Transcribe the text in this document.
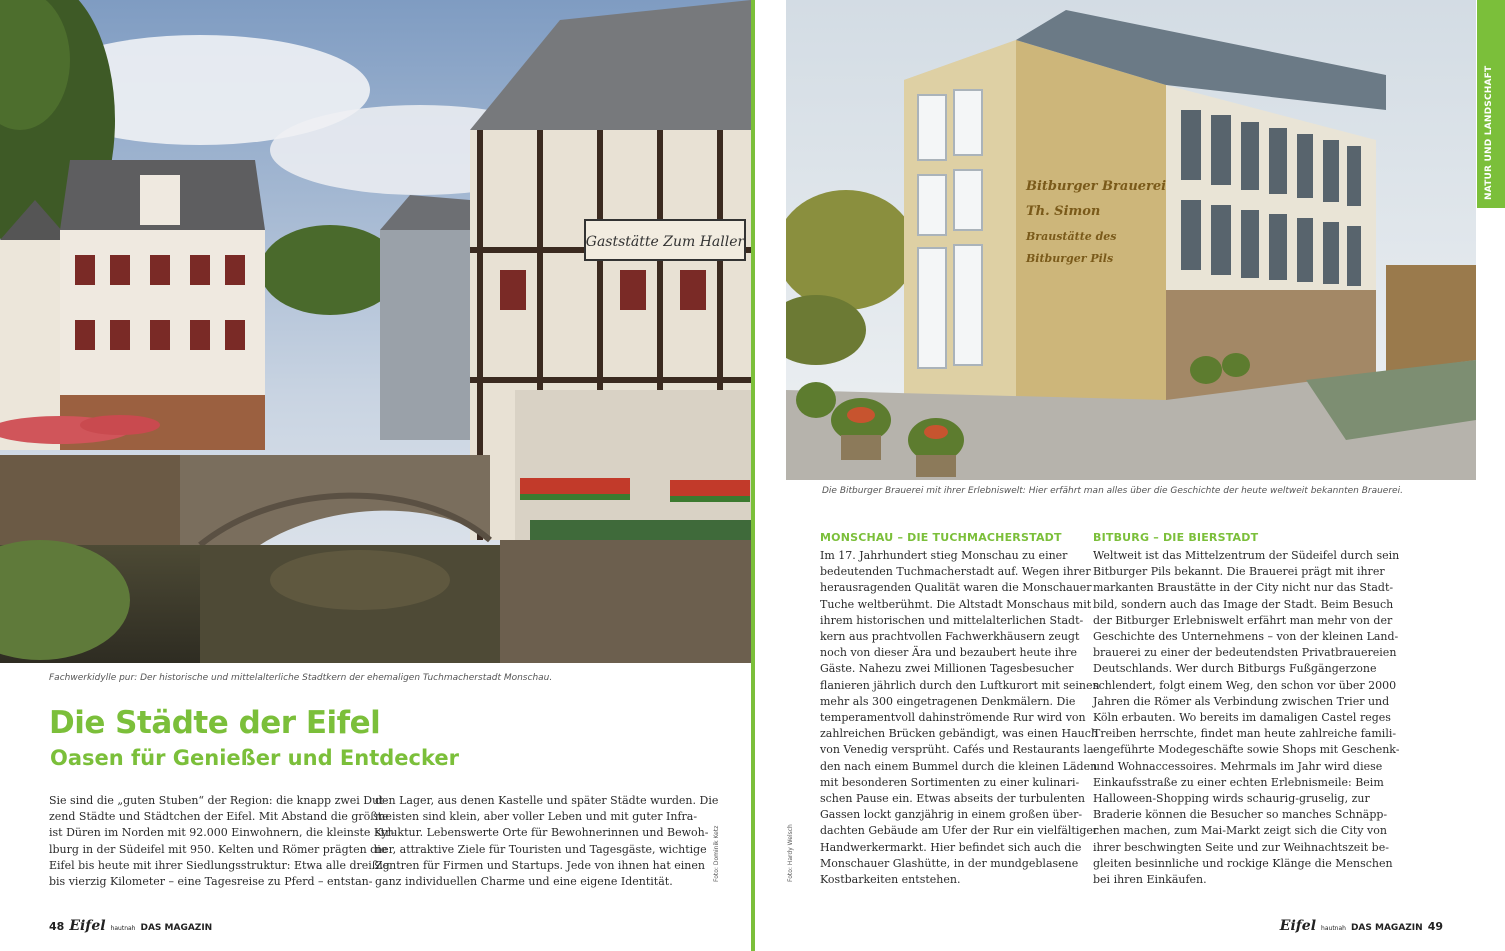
Gaststätte Zum Haller
Fachwerkidylle pur: Der historische und mittelalterliche Stadtkern der ehemaligen Tuchmacherstadt Monschau.
Die Städte der Eifel
Oasen für Genießer und Entdecker

Sie sind die „guten Stuben“ der Region: die knapp zwei Dut-

zend Städte und Städtchen der Eifel. Mit Abstand die größte

ist Düren im Norden mit 92.000 Einwohnern, die kleinste Kyl-

lburg in der Südeifel mit 950. Kelten und Römer prägten die

Eifel bis heute mit ihrer Siedlungsstruktur: Etwa alle dreißig

bis vierzig Kilometer – eine Tagesreise zu Pferd – entstan-

den Lager, aus denen Kastelle und später Städte wurden. Die

meisten sind klein, aber voller Leben und mit guter Infra-

struktur. Lebenswerte Orte für Bewohnerinnen und Bewoh-

ner, attraktive Ziele für Touristen und Tagesgäste, wichtige

Zentren für Firmen und Startups. Jede von ihnen hat einen

ganz individuellen Charme und eine eigene Identität.	Foto: Dominik Ketz
48 Eifel hautnah DAS MAGAZIN
Bitburger Brauerei
Th. Simon
Braustätte des
Bitburger Pils
NATUR UND LANDSCHAFT
Die Bitburger Brauerei mit ihrer Erlebniswelt: Hier erfährt man alles über die Geschichte der heute weltweit bekannten Brauerei.
MONSCHAU – DIE TUCHMACHERSTADT	BITBURG – DIE BIERSTADT

Im 17. Jahrhundert stieg Monschau zu einer

bedeutenden Tuchmacherstadt auf. Wegen ihrer

herausragenden Qualität waren die Monschauer

Tuche weltberühmt. Die Altstadt Monschaus mit

ihrem historischen und mittelalterlichen Stadt-

kern aus prachtvollen Fachwerkhäusern zeugt

noch von dieser Ära und bezaubert heute ihre

Gäste. Nahezu zwei Millionen Tagesbesucher

flanieren jährlich durch den Luftkurort mit seinen

mehr als 300 eingetragenen Denkmälern. Die

temperamentvoll dahinströmende Rur wird von

zahlreichen Brücken gebändigt, was einen Hauch

von Venedig versprüht. Cafés und Restaurants la-

den nach einem Bummel durch die kleinen Läden

mit besonderen Sortimenten zu einer kulinari-

schen Pause ein. Etwas abseits der turbulenten

Gassen lockt ganzjährig in einem großen über-

dachten Gebäude am Ufer der Rur ein vielfältiger

Handwerkermarkt. Hier befindet sich auch die

Monschauer Glashütte, in der mundgeblasene

Kostbarkeiten entstehen.

Weltweit ist das Mittelzentrum der Südeifel durch sein

Bitburger Pils bekannt. Die Brauerei prägt mit ihrer

markanten Braustätte in der City nicht nur das Stadt-

bild, sondern auch das Image der Stadt. Beim Besuch

der Bitburger Erlebniswelt erfährt man mehr von der

Geschichte des Unternehmens – von der kleinen Land-

brauerei zu einer der bedeutendsten Privatbrauereien

Deutschlands. Wer durch Bitburgs Fußgängerzone

schlendert, folgt einem Weg, den schon vor über 2000

Jahren die Römer als Verbindung zwischen Trier und

Köln erbauten. Wo bereits im damaligen Castel reges

Treiben herrschte, findet man heute zahlreiche famili-

engeführte Modegeschäfte sowie Shops mit Geschenk-

und Wohnaccessoires. Mehrmals im Jahr wird diese

Einkaufsstraße zu einer echten Erlebnismeile: Beim

Halloween-Shopping wirds schaurig-gruselig, zur

Braderie können die Besucher so manches Schnäpp-

chen machen, zum Mai-Markt zeigt sich die City von

ihrer beschwingten Seite und zur Weihnachtszeit be-

gleiten besinnliche und rockige Klänge die Menschen

bei ihren Einkäufen.

Foto: Hardy Welsch
Eifel hautnah DAS MAGAZIN 49
